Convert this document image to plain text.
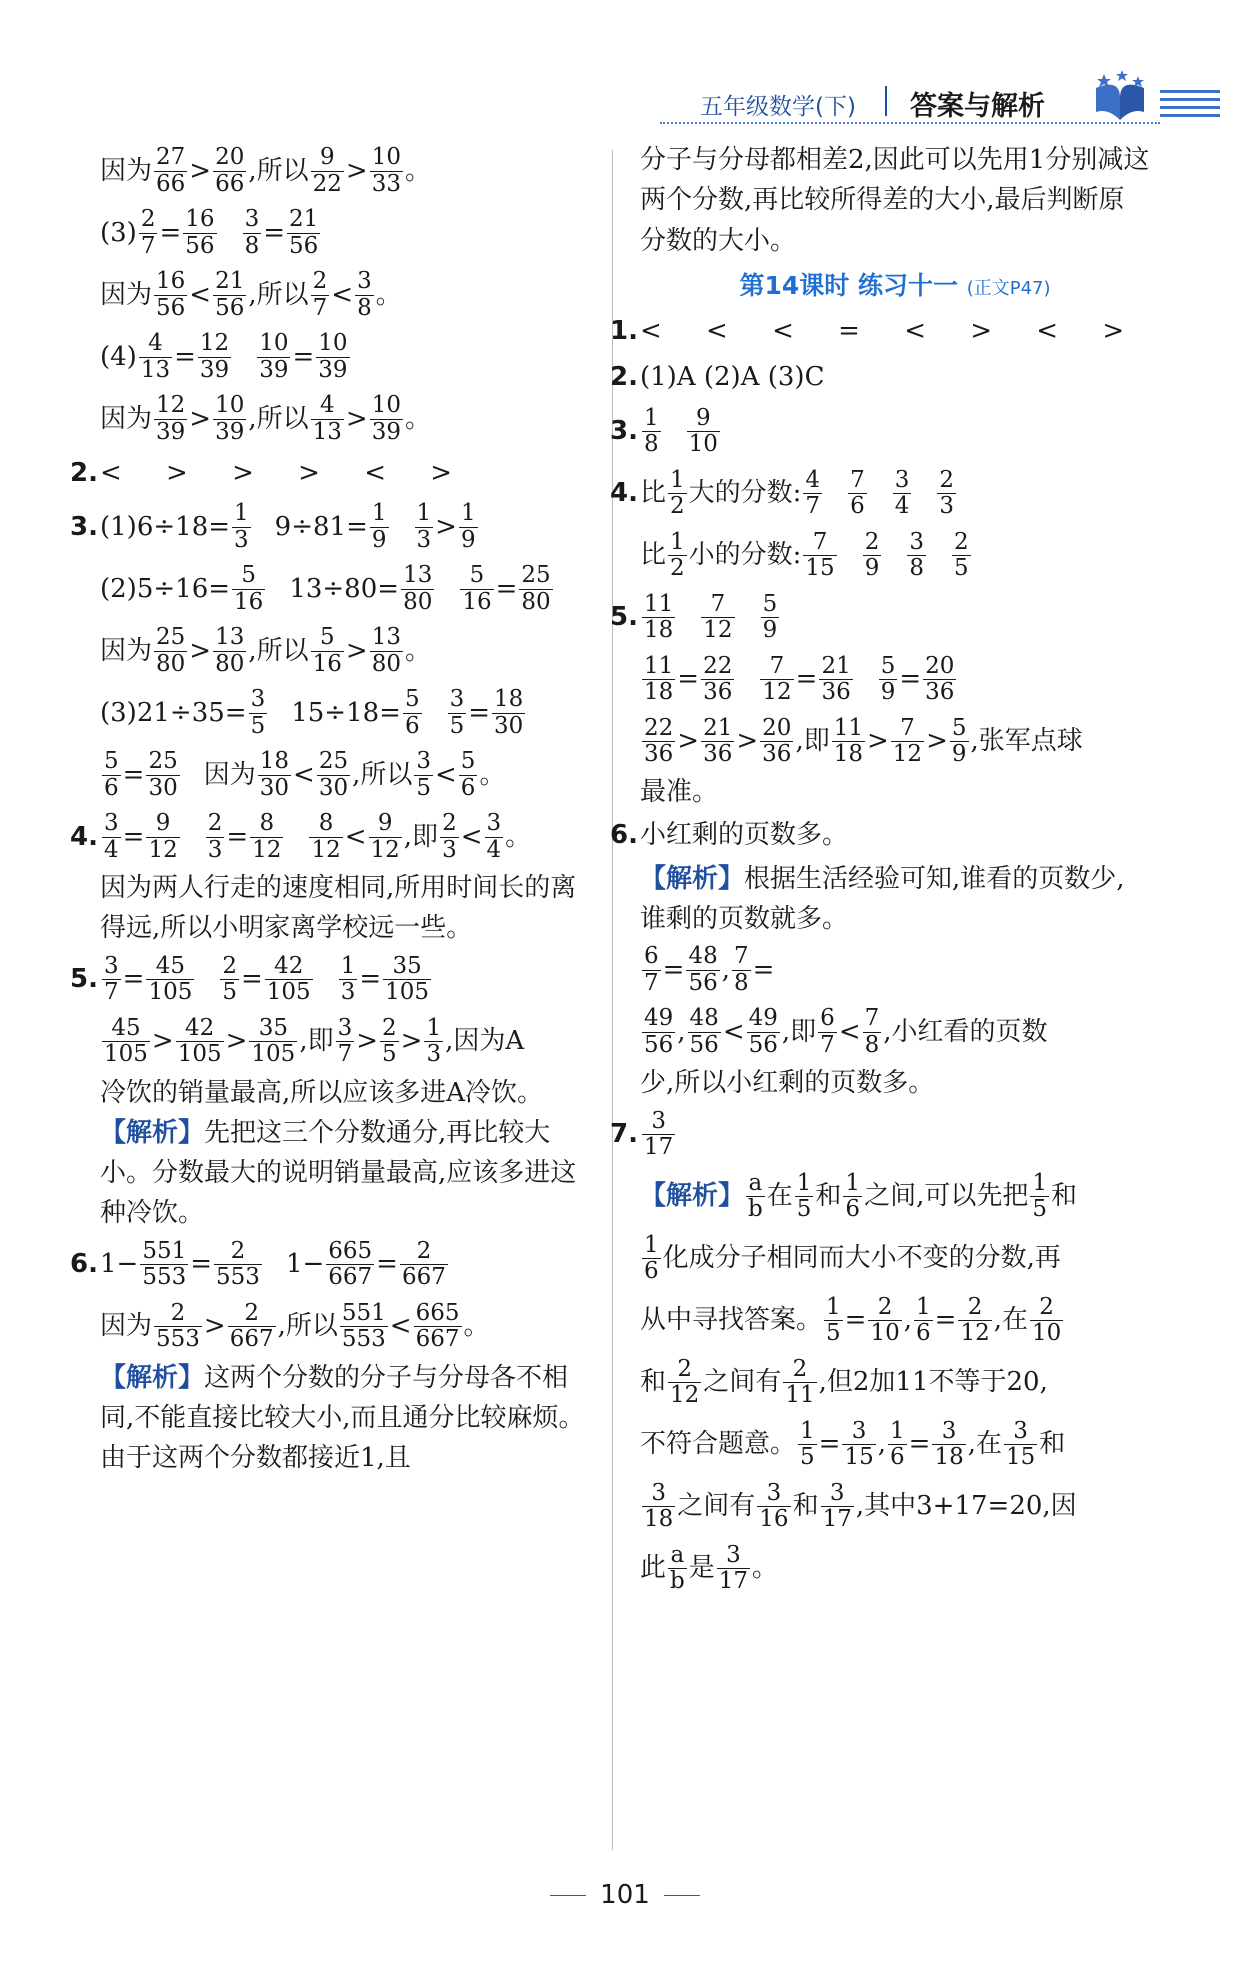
五年级数学(下) 答案与解析
因为 $\frac{27}{66} > \frac{20}{66}$ ,所以 $\frac{9}{22} > \frac{10}{33}$ 。
$(3) \frac{2}{7} = \frac{16}{56} \frac{3}{8} = \frac{21}{56}$
因为 $\frac{16}{56} < \frac{21}{56}$ ,所以 $\frac{2}{7} < \frac{3}{8}$ 。
$(4) \frac{4}{13} = \frac{12}{39} \frac{10}{39} = \frac{10}{39}$
因为 $\frac{12}{39} > \frac{10}{39}$ ,所以 $\frac{4}{13} > \frac{10}{39}$ 。
2. < > > > < >
3. $(1)6\div 18= \frac{1}{3} 9\div 81= \frac{1}{9} \frac{1}{3} > \frac{1}{9}$
$(2)5\div 16= \frac{5}{16} 13\div 80= \frac{13}{80} \frac{5}{16} = \frac{25}{80}$
因为 $\frac{25}{80} > \frac{13}{80}$ ,所以 $\frac{5}{16} > \frac{13}{80}$ 。
$(3)21\div 35= \frac{3}{5} 15\div 18= \frac{5}{6} \frac{3}{5} = \frac{18}{30}$
$\frac{5}{6} = \frac{25}{30}$ 因为 $\frac{18}{30} < \frac{25}{30}$ ,所以 $\frac{3}{5} < \frac{5}{6}$ 。
4. $\frac{3}{4} = \frac{9}{12} \frac{2}{3} = \frac{8}{12} \frac{8}{12} < \frac{9}{12}$ ,即 $\frac{2}{3} < \frac{3}{4}$ 。
因为两人行走的速度相同,所用时间长的离得远,所以小明家离学校远一些。
5. $\frac{3}{7} = \frac{45}{105} \frac{2}{5} = \frac{42}{105} \frac{1}{3} = \frac{35}{105}$
$\frac{45}{105} > \frac{42}{105} > \frac{35}{105}$ ,即 $\frac{3}{7} > \frac{2}{5} > \frac{1}{3}$ ,因为A
冷饮的销量最高,所以应该多进A冷饮。
【解析】先把这三个分数通分,再比较大小。分数最大的说明销量最高,应该多进这种冷饮。
6. $1- \frac{551}{553} = \frac{2}{553} 1- \frac{665}{667} = \frac{2}{667}$
因为 $\frac{2}{553} > \frac{2}{667}$ ,所以 $\frac{551}{553} < \frac{665}{667}$ 。
【解析】这两个分数的分子与分母各不相同,不能直接比较大小,而且通分比较麻烦。由于这两个分数都接近1,且
分子与分母都相差2,因此可以先用1分别减这两个分数,再比较所得差的大小,最后判断原分数的大小。
第14课时 练习十一 (正文P47)
1. < < < = < > < >
2. (1)A (2)A (3)C
3. $\frac{1}{8} \frac{9}{10}$
4. 比 $\frac{1}{2}$ 大的分数: $\frac{4}{7} \frac{7}{6} \frac{3}{4} \frac{2}{3}$
比 $\frac{1}{2}$ 小的分数: $\frac{7}{15} \frac{2}{9} \frac{3}{8} \frac{2}{5}$
5. $\frac{11}{18} \frac{7}{12} \frac{5}{9}$
$\frac{11}{18} = \frac{22}{36} \frac{7}{12} = \frac{21}{36} \frac{5}{9} = \frac{20}{36}$
$\frac{22}{36} > \frac{21}{36} > \frac{20}{36}$ ,即 $\frac{11}{18} > \frac{7}{12} > \frac{5}{9}$ ,张军点球
最准。
6. 小红剩的页数多。
【解析】根据生活经验可知,谁看的页数少,谁剩的页数就多。
$\frac{6}{7} = \frac{48}{56}$ , $\frac{7}{8}$ =
$\frac{49}{56}$ , $\frac{48}{56} < \frac{49}{56}$ ,即 $\frac{6}{7} < \frac{7}{8}$ ,小红看的页数
少,所以小红剩的页数多。
7. $\frac{3}{17}$
【解析】 $\frac{a}{b}$ 在 $\frac{1}{5}$ 和 $\frac{1}{6}$ 之间,可以先把 $\frac{1}{5}$ 和
$\frac{1}{6}$ 化成分子相同而大小不变的分数,再
从中寻找答案。 $\frac{1}{5} = \frac{2}{10}$ , $\frac{1}{6} = \frac{2}{12}$ ,在 $\frac{2}{10}$
和 $\frac{2}{12}$ 之间有 $\frac{2}{11}$ ,但2加11不等于20,
不符合题意。 $\frac{1}{5} = \frac{3}{15}$ , $\frac{1}{6} = \frac{3}{18}$ ,在 $\frac{3}{15}$ 和
$\frac{3}{18}$ 之间有 $\frac{3}{16}$ 和 $\frac{3}{17}$ ,其中3+17=20,因
此 $\frac{a}{b}$ 是 $\frac{3}{17}$ 。
101
